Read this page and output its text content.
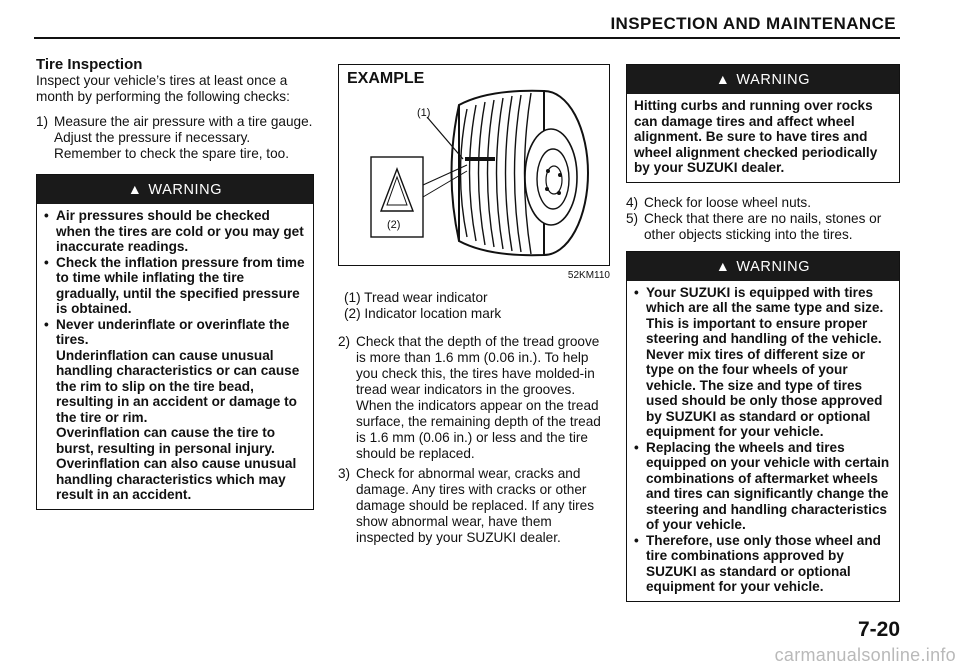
INSPECTION AND MAINTENANCE
Tire Inspection

Inspect your vehicle’s tires at least once a month by performing the following checks:

1) Measure the air pressure with a tire gauge. Adjust the pressure if necessary. Remember to check the spare tire, too.
▲ WARNING
• Air pressures should be checked when the tires are cold or you may get inaccurate readings.
• Check the inflation pressure from time to time while inflating the tire gradually, until the specified pressure is obtained.
• Never underinflate or overinflate the tires.
Underinflation can cause unusual handling characteristics or can cause the rim to slip on the tire bead, resulting in an accident or damage to the tire or rim.
Overinflation can cause the tire to burst, resulting in personal injury. Overinflation can also cause unusual handling characteristics which may result in an accident.
EXAMPLE
(1)
(2)
52KM110
(1) Tread wear indicator
(2) Indicator location mark
2) Check that the depth of the tread groove is more than 1.6 mm (0.06 in.). To help you check this, the tires have molded-in tread wear indicators in the grooves. When the indicators appear on the tread surface, the remaining depth of the tread is 1.6 mm (0.06 in.) or less and the tire should be replaced.
3) Check for abnormal wear, cracks and damage. Any tires with cracks or other damage should be replaced. If any tires show abnormal wear, have them inspected by your SUZUKI dealer.
▲ WARNING
Hitting curbs and running over rocks can damage tires and affect wheel alignment. Be sure to have tires and wheel alignment checked periodically by your SUZUKI dealer.
4) Check for loose wheel nuts.
5) Check that there are no nails, stones or other objects sticking into the tires.
▲ WARNING
• Your SUZUKI is equipped with tires which are all the same type and size. This is important to ensure proper steering and handling of the vehicle. Never mix tires of different size or type on the four wheels of your vehicle. The size and type of tires used should be only those approved by SUZUKI as standard or optional equipment for your vehicle.
• Replacing the wheels and tires equipped on your vehicle with certain combinations of aftermarket wheels and tires can significantly change the steering and handling characteristics of your vehicle.
• Therefore, use only those wheel and tire combinations approved by SUZUKI as standard or optional equipment for your vehicle.
7-20
carmanualsonline.info
